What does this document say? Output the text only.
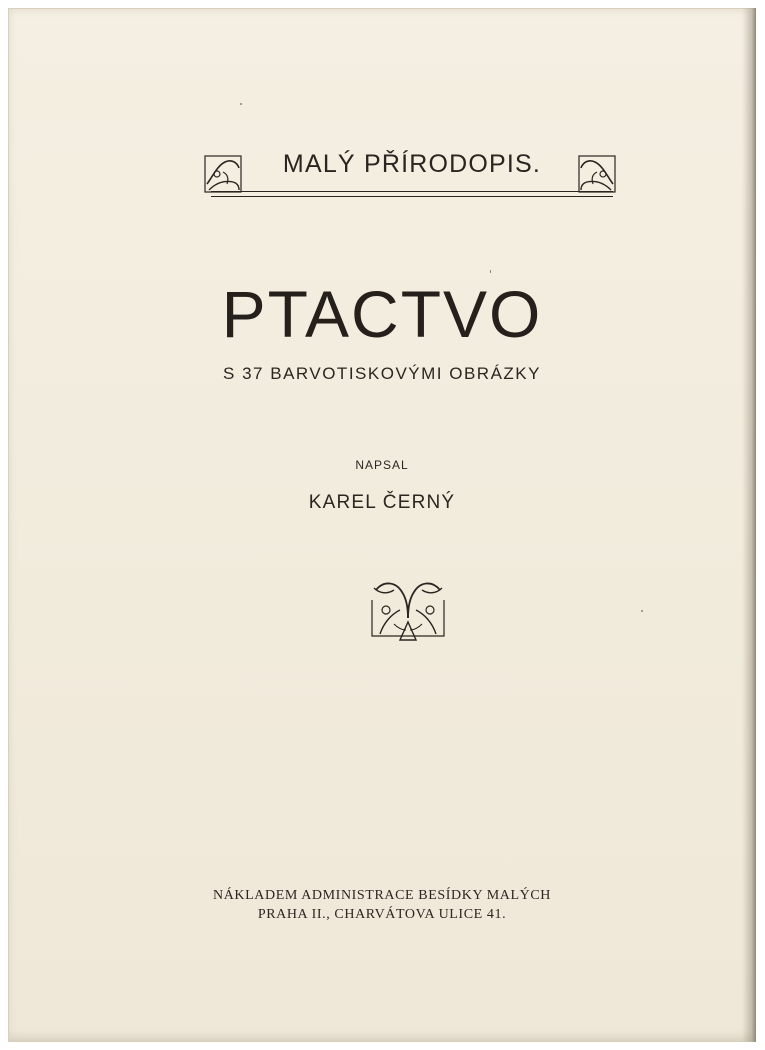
MALÝ PŘÍRODOPIS.
PTACTVO
S 37 BARVOTISKOVÝMI OBRÁZKY
NAPSAL
KAREL ČERNÝ
NÁKLADEM ADMINISTRACE BESÍDKY MALÝCH
PRAHA II., CHARVÁTOVA ULICE 41.
